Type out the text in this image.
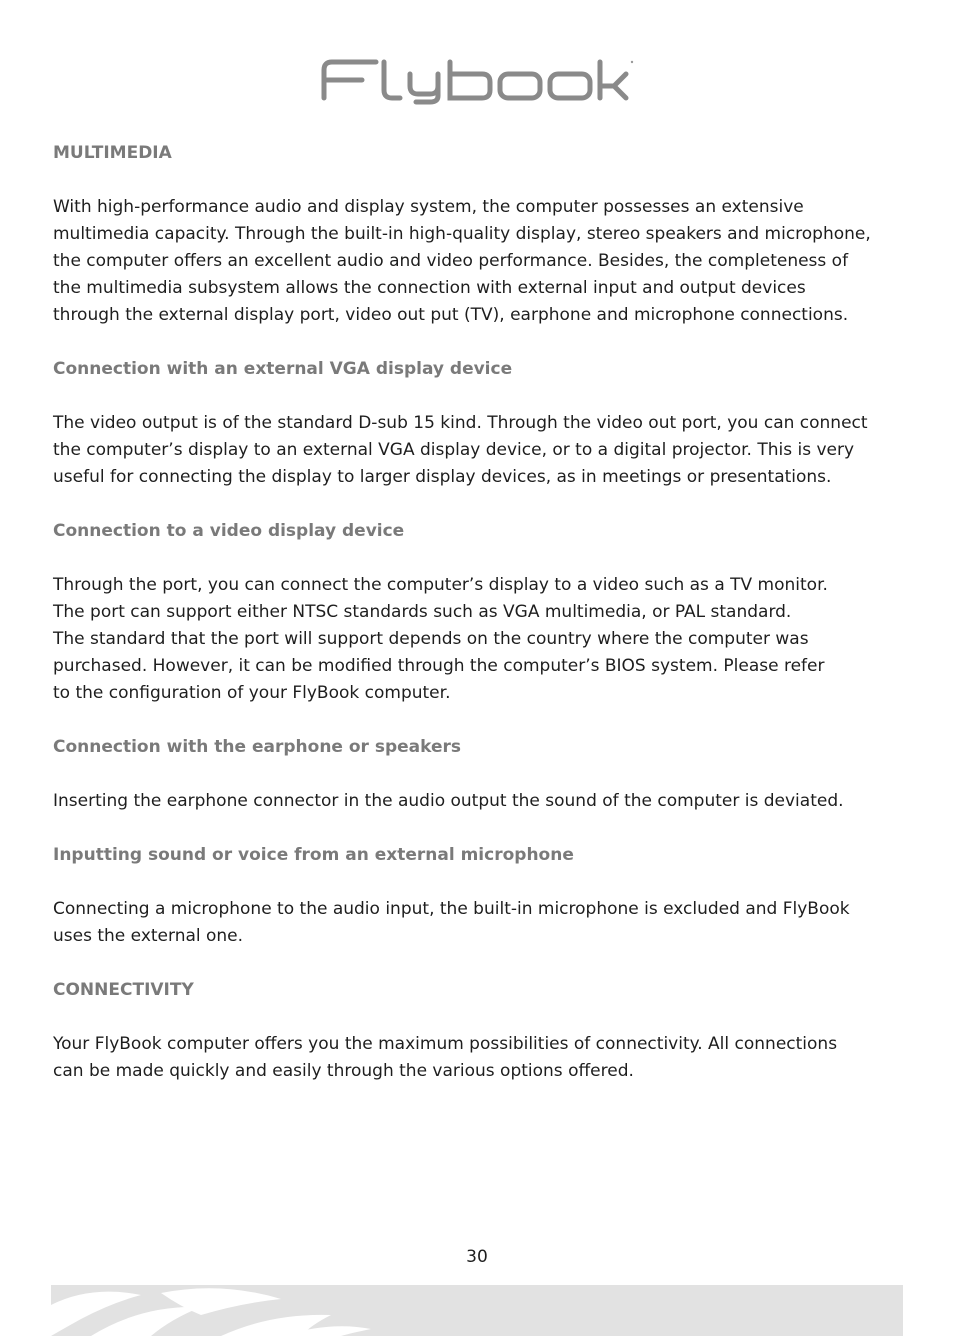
MULTIMEDIA

With high-performance audio and display system, the computer possesses an extensive

multimedia capacity. Through the built-in high-quality display, stereo speakers and microphone,

the computer offers an excellent audio and video performance. Besides, the completeness of

the multimedia subsystem allows the connection with external input and output devices

through the external display port, video out put (TV), earphone and microphone connections.

Connection with an external VGA display device

The video output is of the standard D-sub 15 kind. Through the video out port, you can connect

the computer’s display to an external VGA display device, or to a digital projector. This is very

useful for connecting the display to larger display devices, as in meetings or presentations.

Connection to a video display device

Through the port, you can connect the computer’s display to a video such as a TV monitor.

The port can support either NTSC standards such as VGA multimedia, or PAL standard.

The standard that the port will support depends on the country where the computer was

purchased. However, it can be modified through the computer’s BIOS system. Please refer

to the configuration of your FlyBook computer.

Connection with the earphone or speakers

Inserting the earphone connector in the audio output the sound of the computer is deviated.

Inputting sound or voice from an external microphone

Connecting a microphone to the audio input, the built-in microphone is excluded and FlyBook

uses the external one.

CONNECTIVITY

Your FlyBook computer offers you the maximum possibilities of connectivity. All connections

can be made quickly and easily through the various options offered.

30
